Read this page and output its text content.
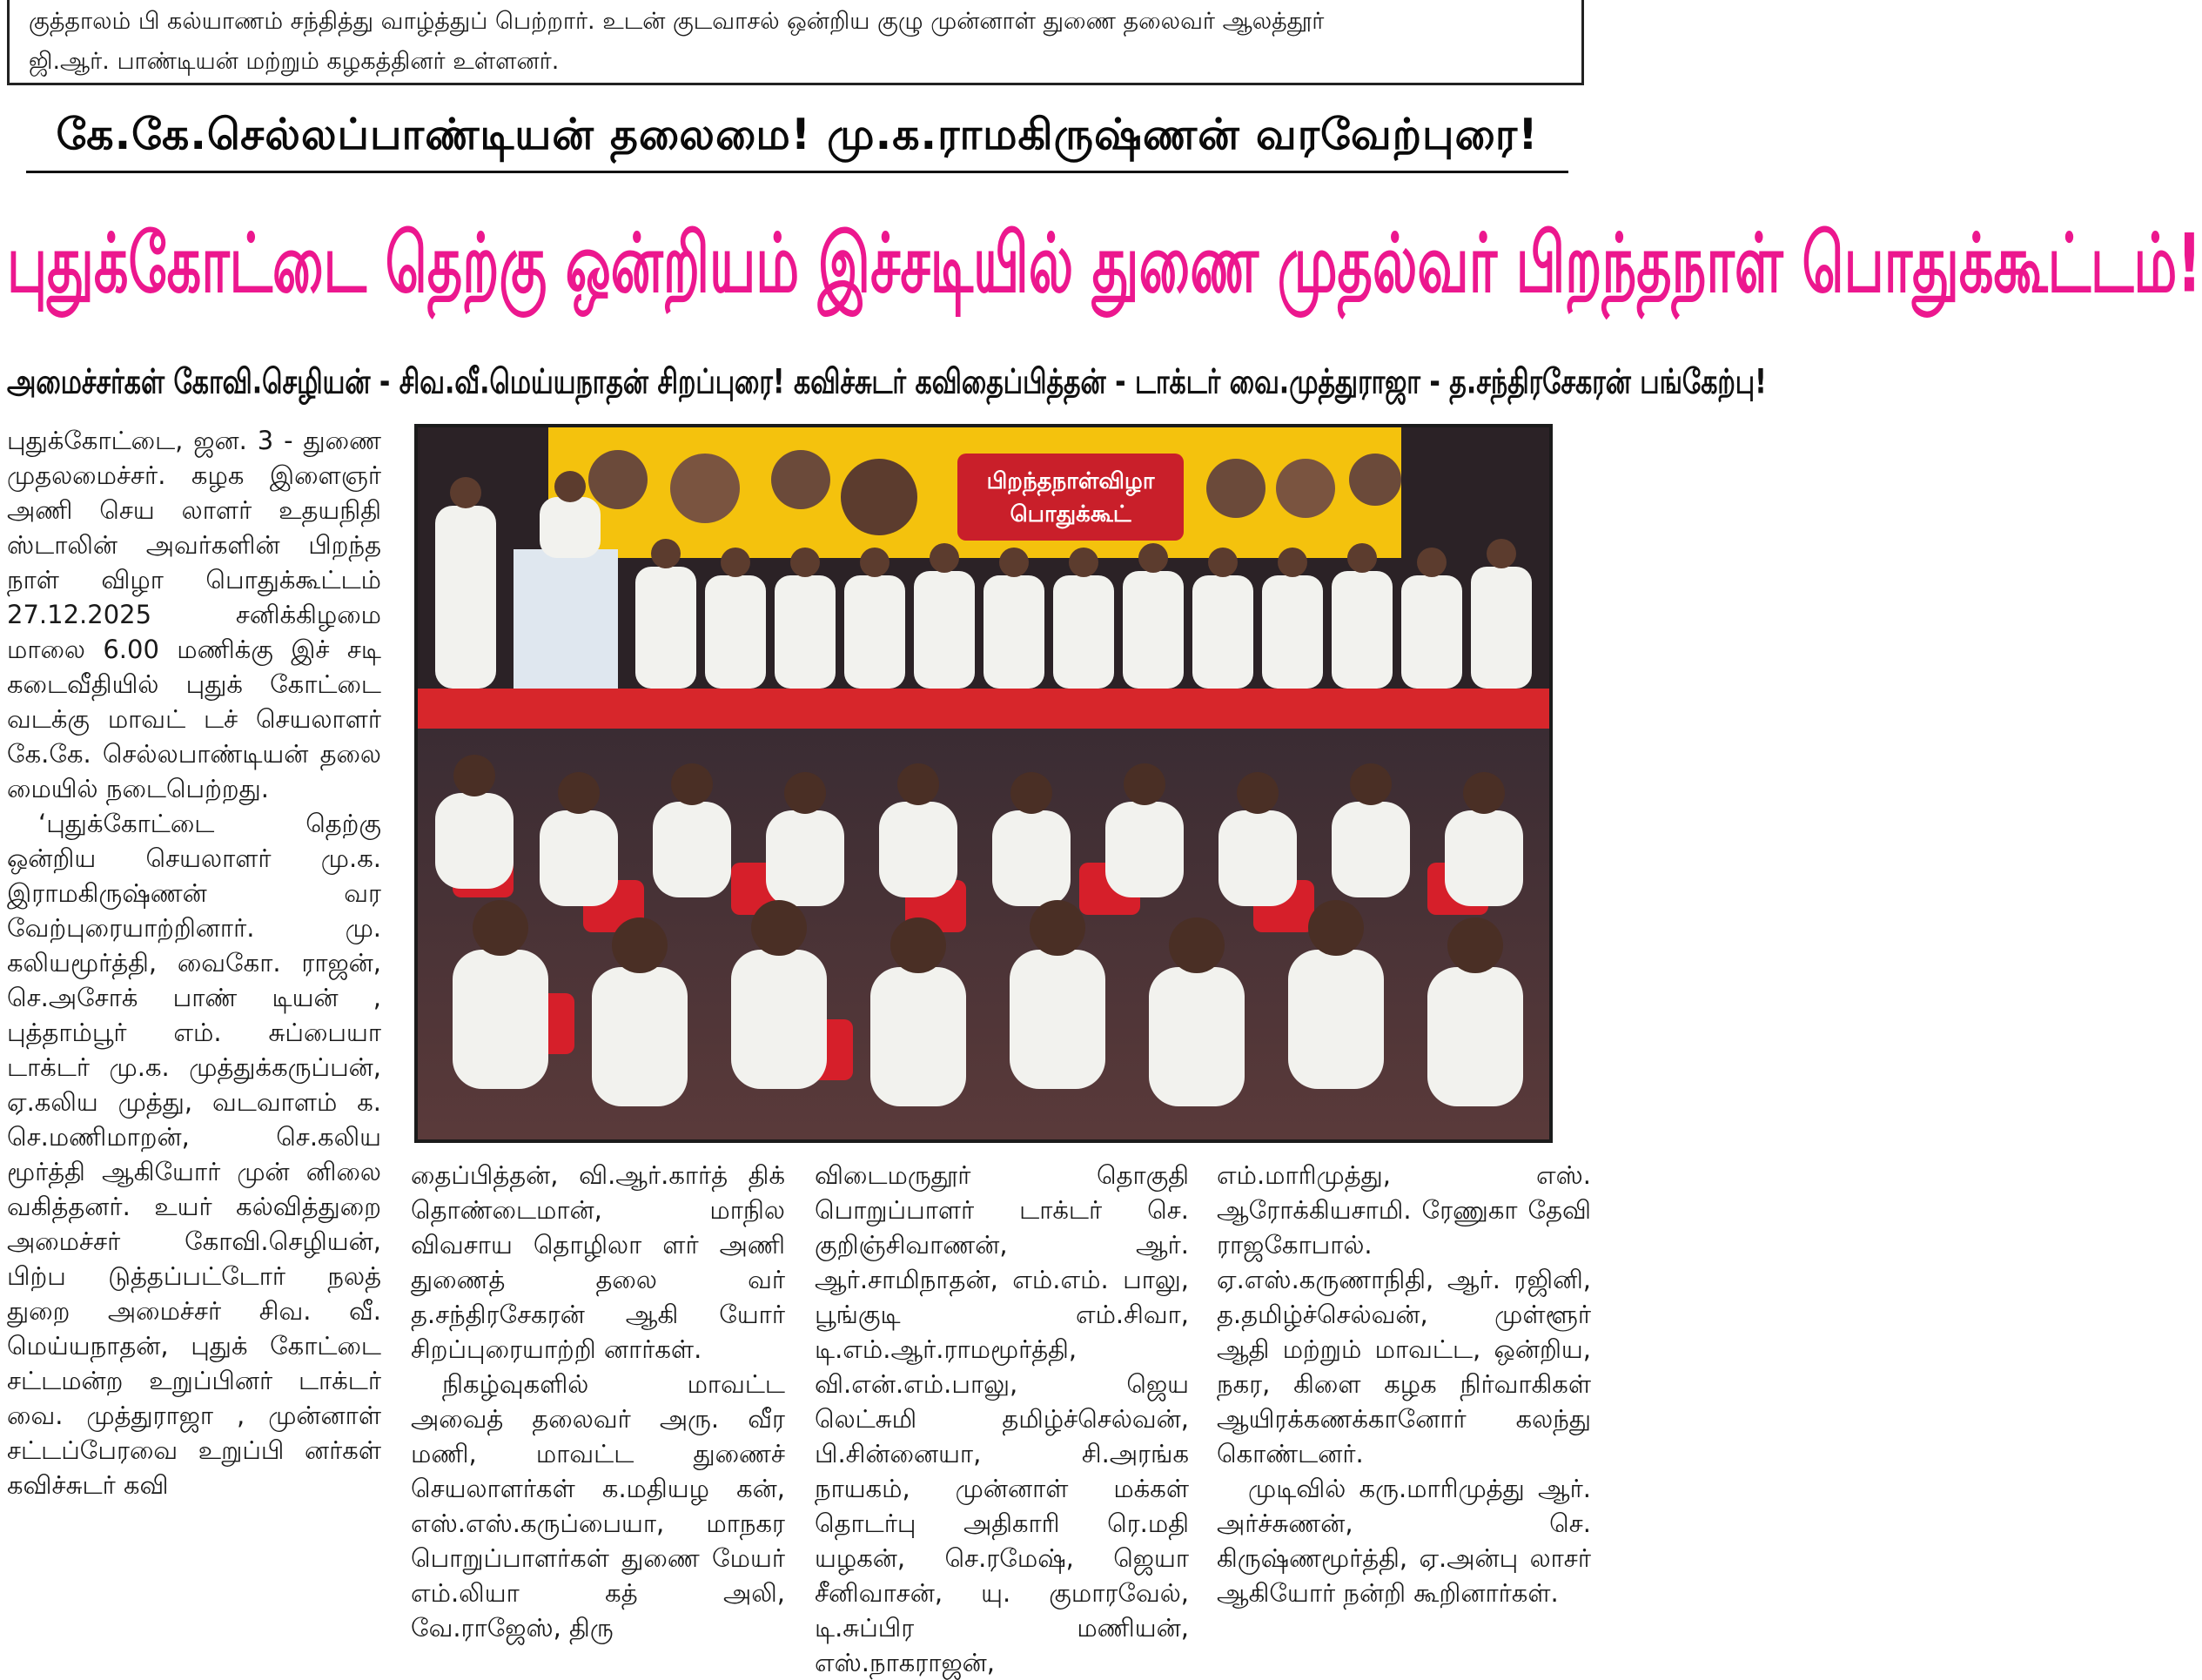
குத்தாலம் பி கல்யாணம் சந்தித்து வாழ்த்துப் பெற்றார். உடன் குடவாசல் ஒன்றிய குழு முன்னாள் துணை தலைவர் ஆலத்தூர்
ஜி.ஆர். பாண்டியன் மற்றும் கழகத்தினர் உள்ளனர்.
கே.கே.செல்லப்பாண்டியன் தலைமை! மு.க.ராமகிருஷ்ணன் வரவேற்புரை!
புதுக்கோட்டை தெற்கு ஒன்றியம் இச்சடியில் துணை முதல்வர் பிறந்தநாள் பொதுக்கூட்டம்!
அமைச்சர்கள் கோவி.செழியன் - சிவ.வீ.மெய்யநாதன் சிறப்புரை! கவிச்சுடர் கவிதைப்பித்தன் - டாக்டர் வை.முத்துராஜா - த.சந்திரசேகரன் பங்கேற்பு!

புதுக்கோட்டை, ஜன. 3 - துணை முதலமைச்சர். கழக இளைஞர் அணி செய லாளர் உதயநிதி ஸ்டாலின் அவர்களின் பிறந்த நாள் விழா பொதுக்கூட்டம் 27.12.2025 சனிக்கிழமை மாலை 6.00 மணிக்கு இச் சடி கடைவீதியில் புதுக் கோட்டை வடக்கு மாவட் டச் செயலாளர் கே.கே. செல்லபாண்டியன் தலை மையில் நடைபெற்றது.

‘புதுக்கோட்டை தெற்கு ஒன்றிய செயலாளர் மு.க. இராமகிருஷ்ணன் வர வேற்புரையாற்றினார். மு. கலியமூர்த்தி, வைகோ. ராஜன், செ.அசோக் பாண் டியன் , புத்தாம்பூர் எம். சுப்பையா டாக்டர் மு.க. முத்துக்கருப்பன், ஏ.கலிய முத்து, வடவாளம் க. செ.மணிமாறன், செ.கலிய மூர்த்தி ஆகியோர் முன் னிலை வகித்தனர். உயர் கல்வித்துறை அமைச்சர் கோவி.செழியன், பிற்ப டுத்தப்பட்டோர் நலத் துறை அமைச்சர் சிவ. வீ. மெய்யநாதன், புதுக் கோட்டை சட்டமன்ற உறுப்பினர் டாக்டர் வை. முத்துராஜா , முன்னாள் சட்டப்பேரவை உறுப்பி னர்கள் கவிச்சுடர் கவி

பிறந்தநாள்விழா
பொதுக்கூட்

தைப்பித்தன், வி.ஆர்.கார்த் திக் தொண்டைமான், மாநில விவசாய தொழிலா ளர் அணி துணைத் தலை வர் த.சந்திரசேகரன் ஆகி யோர் சிறப்புரையாற்றி னார்கள்.

நிகழ்வுகளில் மாவட்ட அவைத் தலைவர் அரு. வீர மணி, மாவட்ட துணைச் செயலாளர்கள் க.மதியழ கன், எஸ்.எஸ்.கருப்பையா, மாநகர பொறுப்பாளர்கள் துணை மேயர் எம்.லியா கத் அலி, வே.ராஜேஸ், திரு

விடைமருதூர் தொகுதி பொறுப்பாளர் டாக்டர் செ. குறிஞ்சிவாணன், ஆர். ஆர்.சாமிநாதன், எம்.எம். பாலு, பூங்குடி எம்.சிவா, டி.எம்.ஆர்.ராமமூர்த்தி, வி.என்.எம்.பாலு, ஜெய லெட்சுமி தமிழ்ச்செல்வன், பி.சின்னையா, சி.அரங்க நாயகம், முன்னாள் மக்கள் தொடர்பு அதிகாரி ரெ.மதி யழகன், செ.ரமேஷ், ஜெயா சீனிவாசன், யு. குமாரவேல், டி.சுப்பிர மணியன், எஸ்.நாகராஜன்,

எம்.மாரிமுத்து, எஸ். ஆரோக்கியசாமி. ரேணுகா தேவி ராஜகோபால். ஏ.எஸ்.கருணாநிதி, ஆர். ரஜினி, த.தமிழ்ச்செல்வன், முள்ளூர் ஆதி மற்றும் மாவட்ட, ஒன்றிய, நகர, கிளை கழக நிர்வாகிகள் ஆயிரக்கணக்கானோர் கலந்து கொண்டனர்.

முடிவில் கரு.மாரிமுத்து ஆர். அர்ச்சுணன், செ. கிருஷ்ணமூர்த்தி, ஏ.அன்பு லாசர் ஆகியோர் நன்றி கூறினார்கள்.
